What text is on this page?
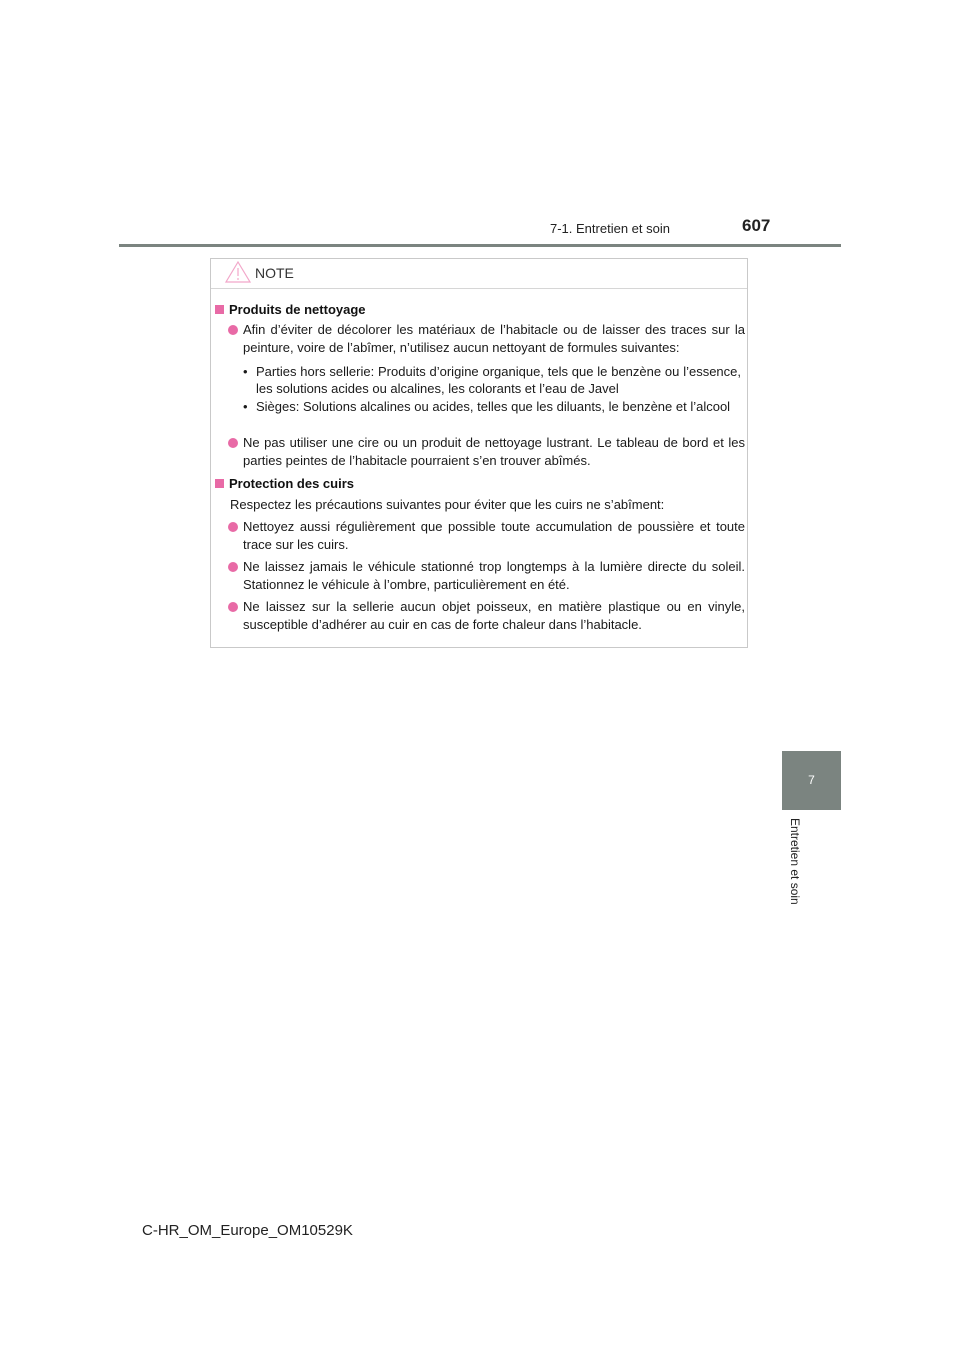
7-1. Entretien et soin	607
NOTE
Produits de nettoyage
Afin d’éviter de décolorer les matériaux de l’habitacle ou de laisser des traces sur la peinture, voire de l’abîmer, n’utilisez aucun nettoyant de formules suivantes:
• Parties hors sellerie: Produits d’origine organique, tels que le benzène ou l’essence, les solutions acides ou alcalines, les colorants et l’eau de Javel
• Sièges: Solutions alcalines ou acides, telles que les diluants, le benzène et l’alcool
Ne pas utiliser une cire ou un produit de nettoyage lustrant. Le tableau de bord et les parties peintes de l’habitacle pourraient s’en trouver abîmés.
Protection des cuirs
Respectez les précautions suivantes pour éviter que les cuirs ne s’abîment:
Nettoyez aussi régulièrement que possible toute accumulation de poussière et toute trace sur les cuirs.
Ne laissez jamais le véhicule stationné trop longtemps à la lumière directe du soleil. Stationnez le véhicule à l’ombre, particulièrement en été.
Ne laissez sur la sellerie aucun objet poisseux, en matière plastique ou en vinyle, susceptible d’adhérer au cuir en cas de forte chaleur dans l’habitacle.
7
Entretien et soin
C-HR_OM_Europe_OM10529K
